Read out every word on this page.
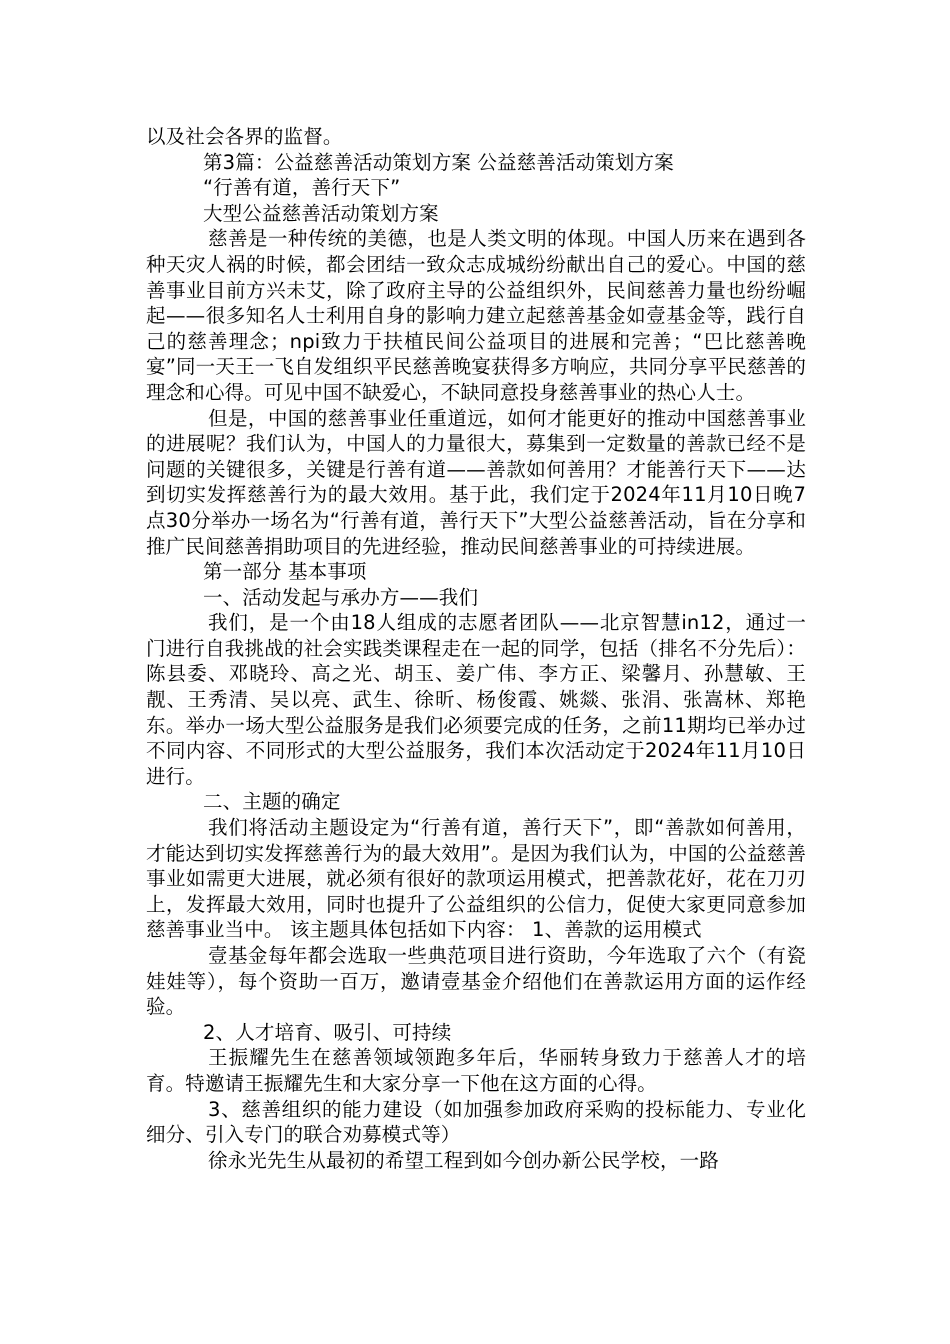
以及社会各界的监督。

第3篇：公益慈善活动策划方案 公益慈善活动策划方案

“行善有道，善行天下”

大型公益慈善活动策划方案

慈善是一种传统的美德，也是人类文明的体现。中国人历来在遇到各种天灾人祸的时候，都会团结一致众志成城纷纷献出自己的爱心。中国的慈善事业目前方兴未艾，除了政府主导的公益组织外，民间慈善力量也纷纷崛起——很多知名人士利用自身的影响力建立起慈善基金如壹基金等，践行自己的慈善理念；npi致力于扶植民间公益项目的进展和完善；“巴比慈善晚宴”同一天王一飞自发组织平民慈善晚宴获得多方响应，共同分享平民慈善的理念和心得。可见中国不缺爱心，不缺同意投身慈善事业的热心人士。

但是，中国的慈善事业任重道远，如何才能更好的推动中国慈善事业的进展呢？我们认为，中国人的力量很大，募集到一定数量的善款已经不是问题的关键很多，关键是行善有道——善款如何善用？才能善行天下——达到切实发挥慈善行为的最大效用。基于此，我们定于2024年11月10日晚7点30分举办一场名为“行善有道，善行天下”大型公益慈善活动，旨在分享和推广民间慈善捐助项目的先进经验，推动民间慈善事业的可持续进展。

第一部分 基本事项

一、活动发起与承办方——我们

我们，是一个由18人组成的志愿者团队——北京智慧in12，通过一门进行自我挑战的社会实践类课程走在一起的同学，包括（排名不分先后）：陈县委、邓晓玲、高之光、胡玉、姜广伟、李方正、梁馨月、孙慧敏、王靓、王秀清、吴以亮、武生、徐昕、杨俊霞、姚燚、张涓、张嵩林、郑艳东。举办一场大型公益服务是我们必须要完成的任务，之前11期均已举办过不同内容、不同形式的大型公益服务，我们本次活动定于2024年11月10日进行。

二、主题的确定

我们将活动主题设定为“行善有道，善行天下”，即“善款如何善用，才能达到切实发挥慈善行为的最大效用”。是因为我们认为，中国的公益慈善事业如需更大进展，就必须有很好的款项运用模式，把善款花好，花在刀刃上，发挥最大效用，同时也提升了公益组织的公信力，促使大家更同意参加慈善事业当中。 该主题具体包括如下内容： 1、善款的运用模式

壹基金每年都会选取一些典范项目进行资助，今年选取了六个（有瓷娃娃等），每个资助一百万，邀请壹基金介绍他们在善款运用方面的运作经验。

2、人才培育、吸引、可持续

王振耀先生在慈善领域领跑多年后，华丽转身致力于慈善人才的培育。特邀请王振耀先生和大家分享一下他在这方面的心得。

3、慈善组织的能力建设（如加强参加政府采购的投标能力、专业化细分、引入专门的联合劝募模式等）

徐永光先生从最初的希望工程到如今创办新公民学校，一路
